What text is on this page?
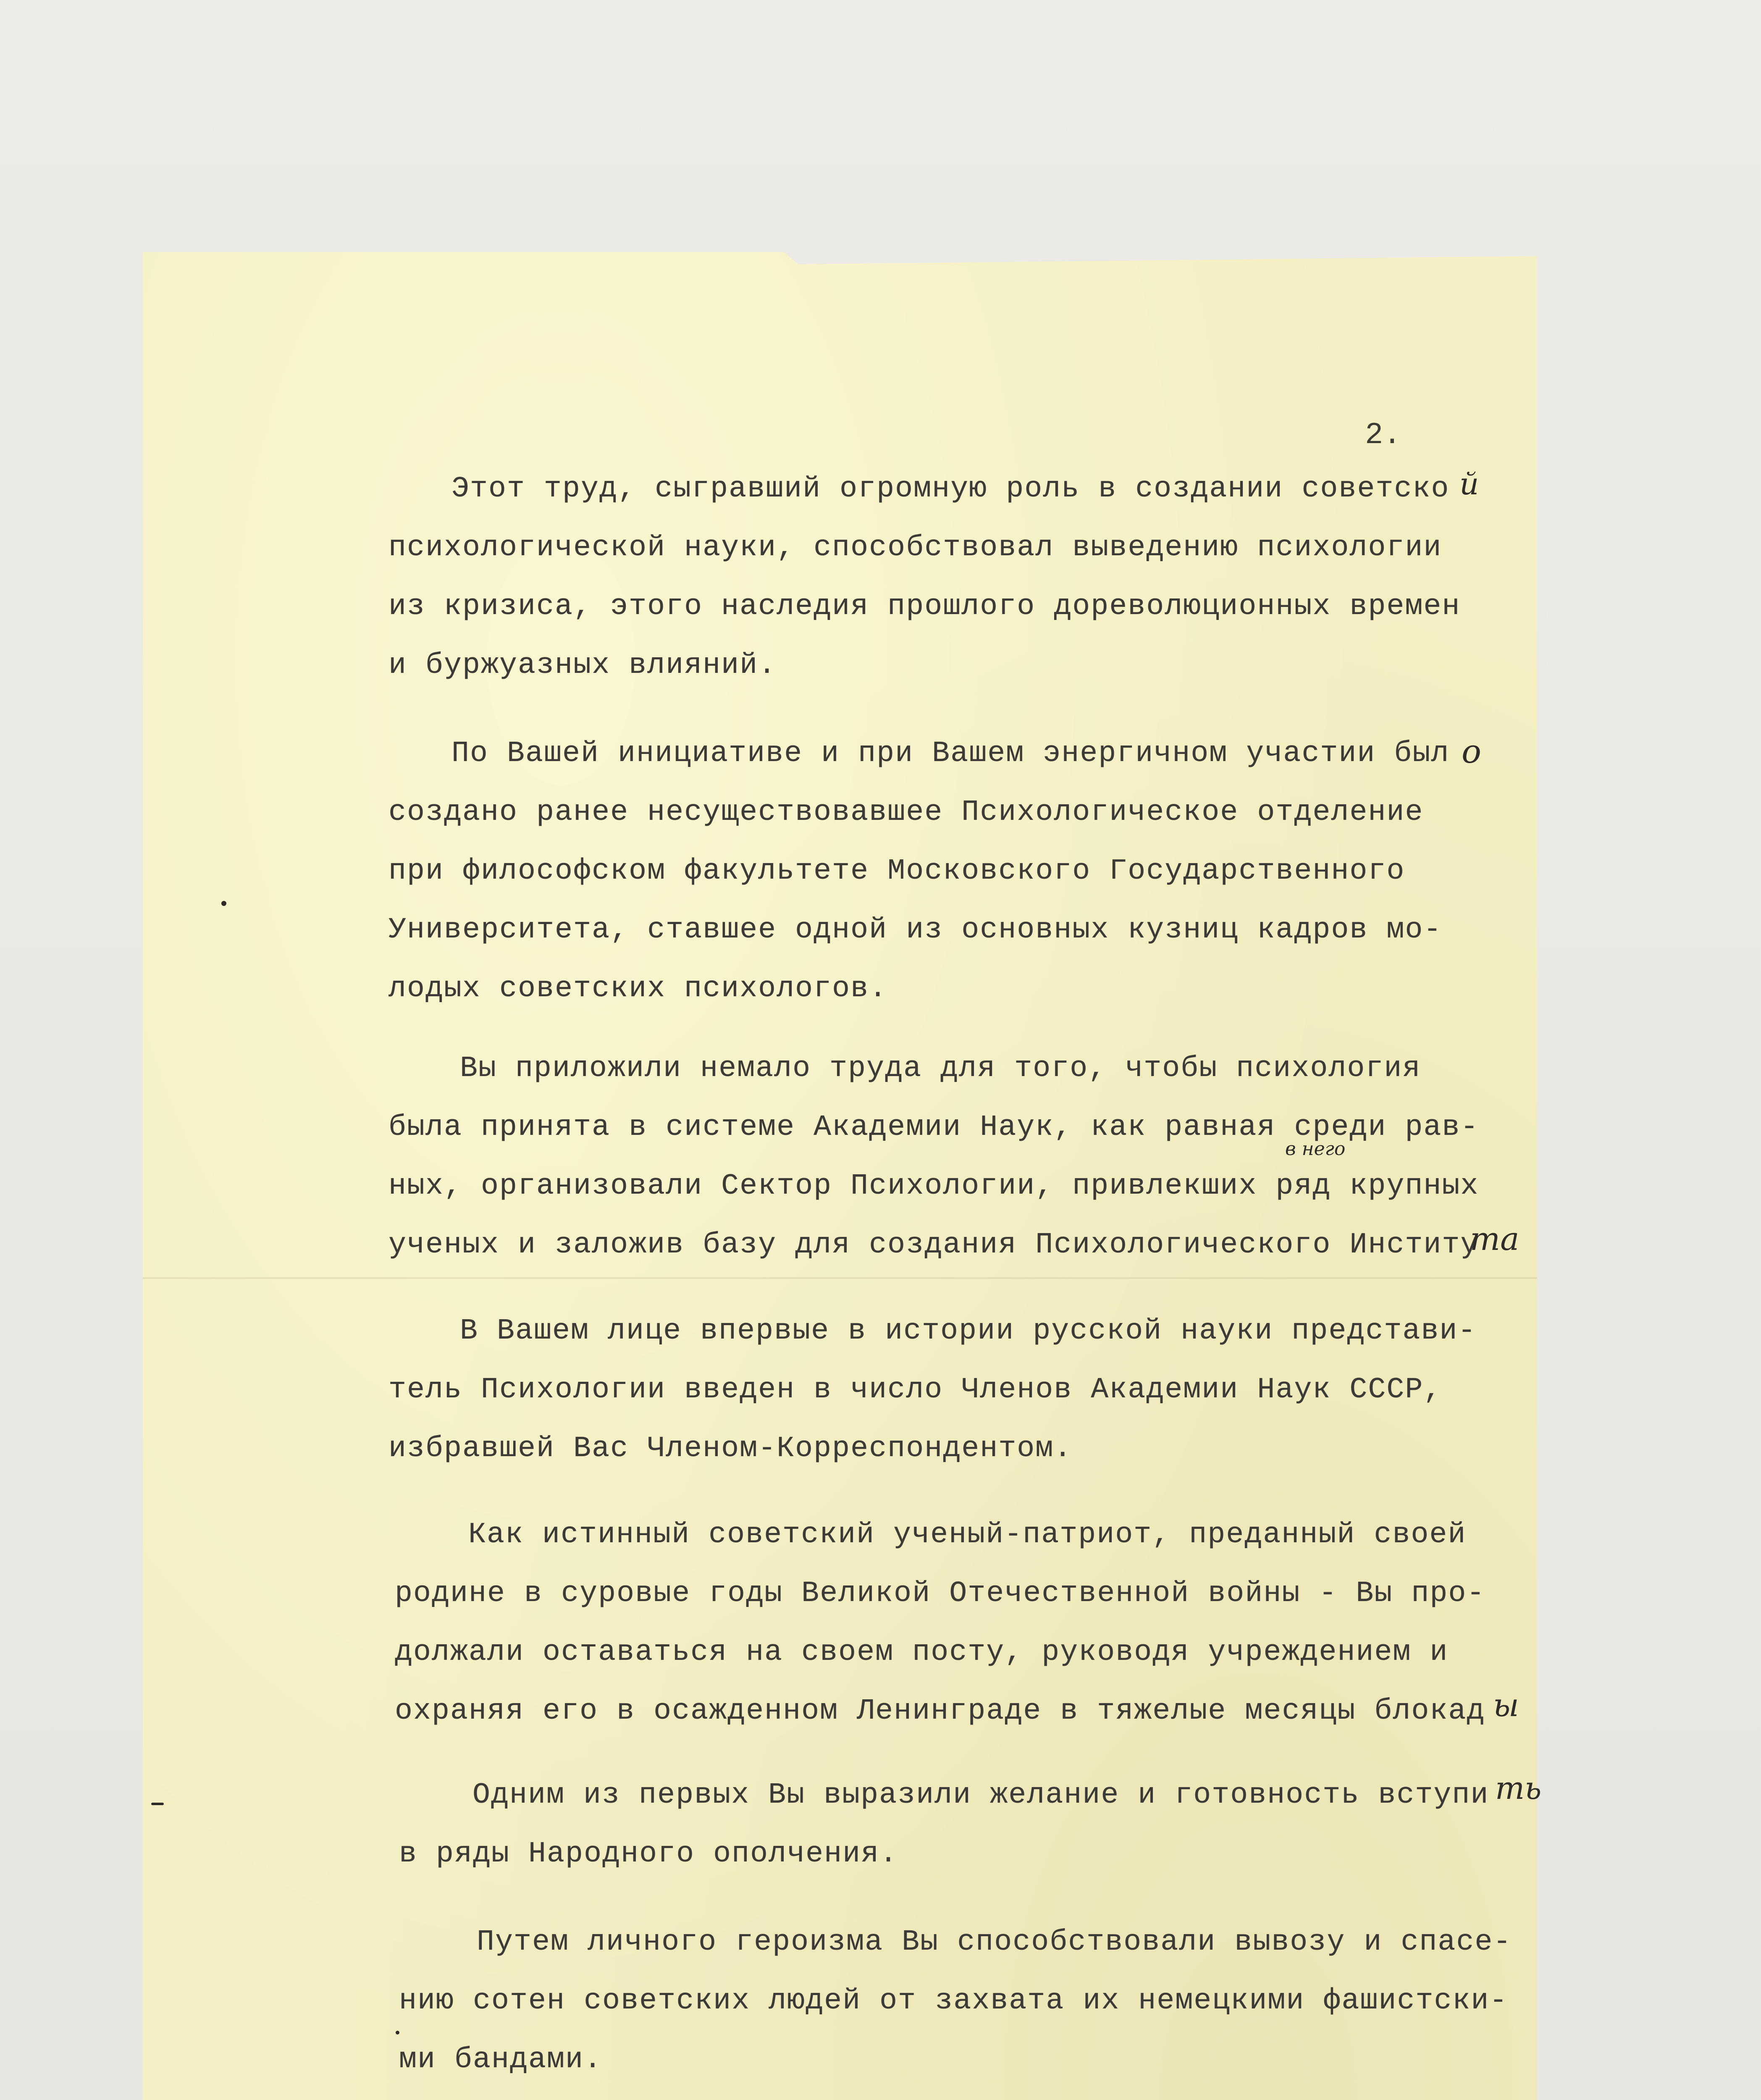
2.

Этот труд, сыгравший огромную роль в создании советско

психологической науки, способствовал выведению психологии

из кризиса, этого наследия прошлого дореволюционных времен

и буржуазных влияний.

По Вашей инициативе и при Вашем энергичном участии был

создано ранее несуществовавшее Психологическое отделение

при философском факультете Московского Государственного

Университета, ставшее одной из основных кузниц кадров мо-

лодых советских психологов.

Вы приложили немало труда для того, чтобы психология

была принята в системе Академии Наук, как равная среди рав-

ных, организовали Сектор Психологии, привлекших ряд крупных

ученых и заложив базу для создания Психологического Институ

В Вашем лице впервые в истории русской науки представи-

тель Психологии введен в число Членов Академии Наук СССР,

избравшей Вас Членом-Корреспондентом.

Как истинный советский ученый-патриот, преданный своей

родине в суровые годы Великой Отечественной войны - Вы про-

должали оставаться на своем посту, руководя учреждением и

охраняя его в осажденном Ленинграде в тяжелые месяцы блокад

Одним из первых Вы выразили желание и готовность вступи

в ряды Народного ополчения.

Путем личного героизма Вы способствовали вывозу и спасе-

нию сотен советских людей от захвата их немецкими фашистски-

ми бандами.

й

о

в него

та

ы

ть
